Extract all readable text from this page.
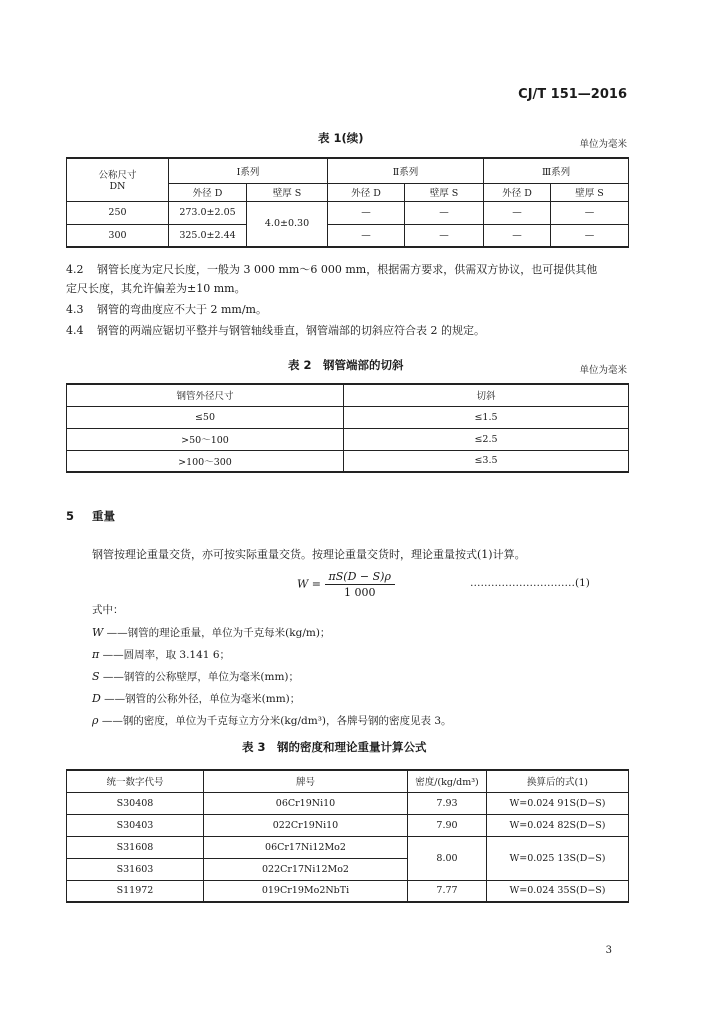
CJ/T 151—2016
表 1(续)	单位为毫米
公称尺寸
DN	Ⅰ系列		Ⅱ系列		Ⅲ系列	
	外径 D	壁厚 S	外径 D	壁厚 S	外径 D	壁厚 S
250	273.0±2.05	4.0±0.30	—	—	—	—
300	325.0±2.44		—	—	—	—
4.2 钢管长度为定尺长度，一般为 3 000 mm～6 000 mm，根据需方要求，供需双方协议，也可提供其他
定尺长度，其允许偏差为±10 mm。
4.3 钢管的弯曲度应不大于 2 mm/m。
4.4 钢管的两端应锯切平整并与钢管轴线垂直，钢管端部的切斜应符合表 2 的规定。
表 2　钢管端部的切斜	单位为毫米
钢管外径尺寸	切斜
≤50	≤1.5
>50～100	≤2.5
>100～300	≤3.5
5 重量
钢管按理论重量交货，亦可按实际重量交货。按理论重量交货时，理论重量按式(1)计算。
$W = \frac{\pi S(D - S)\rho}{1 000}$	…………………………(1)
式中：
W ——钢管的理论重量，单位为千克每米(kg/m)；
π ——圆周率，取 3.141 6；
S ——钢管的公称壁厚，单位为毫米(mm)；
D ——钢管的公称外径，单位为毫米(mm)；
ρ ——钢的密度，单位为千克每立方分米(kg/dm³)，各牌号钢的密度见表 3。
表 3　钢的密度和理论重量计算公式
统一数字代号	牌号	密度/(kg/dm³)	换算后的式(1)
S30408	06Cr19Ni10	7.93	W=0.024 91S(D−S)
S30403	022Cr19Ni10	7.90	W=0.024 82S(D−S)
S31608	06Cr17Ni12Mo2	8.00	W=0.025 13S(D−S)
S31603	022Cr17Ni12Mo2		
S11972	019Cr19Mo2NbTi	7.77	W=0.024 35S(D−S)
3
